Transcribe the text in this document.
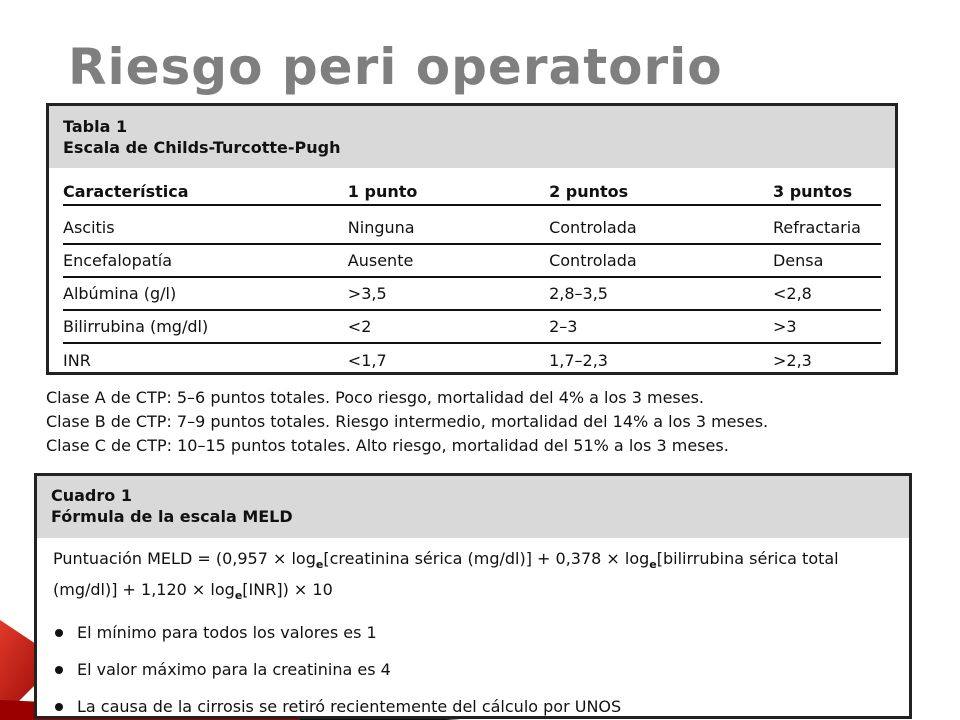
Riesgo peri operatorio
Tabla 1
Escala de Childs-Turcotte-Pugh
Característica	1 punto	2 puntos	3 puntos
Ascitis	Ninguna	Controlada	Refractaria
Encefalopatía	Ausente	Controlada	Densa
Albúmina (g/l)	>3,5	2,8–3,5	<2,8
Bilirrubina (mg/dl)	<2	2–3	>3
INR	<1,7	1,7–2,3	>2,3
Clase A de CTP: 5–6 puntos totales. Poco riesgo, mortalidad del 4% a los 3 meses.
Clase B de CTP: 7–9 puntos totales. Riesgo intermedio, mortalidad del 14% a los 3 meses.
Clase C de CTP: 10–15 puntos totales. Alto riesgo, mortalidad del 51% a los 3 meses.
Cuadro 1
Fórmula de la escala MELD
Puntuación MELD = ($0,957 \times \log_e[creatinina$ sérica $(mg/dl)] + 0,378 \times \log_e[bilirrubina$ sérica total $(mg/dl)] + 1,120 \times \log_e[INR]) \times 10$
El mínimo para todos los valores es 1
El valor máximo para la creatinina es 4
La causa de la cirrosis se retiró recientemente del cálculo por UNOS
